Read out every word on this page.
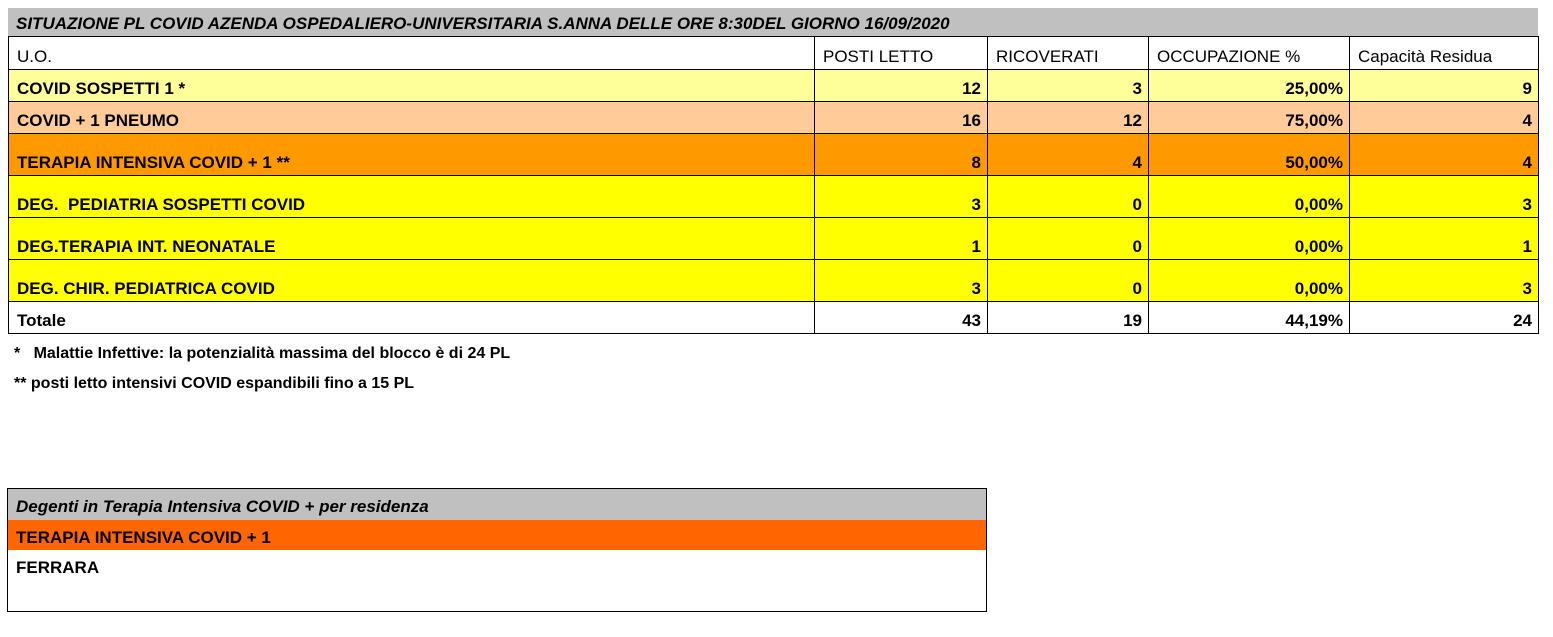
SITUAZIONE PL COVID AZENDA OSPEDALIERO-UNIVERSITARIA S.ANNA DELLE ORE 8:30DEL GIORNO 16/09/2020
U.O.	POSTI LETTO	RICOVERATI	OCCUPAZIONE %	Capacità Residua
COVID SOSPETTI 1 *	12	3	25,00%	9
COVID + 1 PNEUMO	16	12	75,00%	4
TERAPIA INTENSIVA COVID + 1 **	8	4	50,00%	4
DEG.  PEDIATRIA SOSPETTI COVID	3	0	0,00%	3
DEG.TERAPIA INT. NEONATALE	1	0	0,00%	1
DEG. CHIR. PEDIATRICA COVID	3	0	0,00%	3
Totale	43	19	44,19%	24
*   Malattie Infettive: la potenzialità massima del blocco è di 24 PL
** posti letto intensivi COVID espandibili fino a 15 PL
Degenti in Terapia Intensiva COVID + per residenza
TERAPIA INTENSIVA COVID + 1
FERRARA
